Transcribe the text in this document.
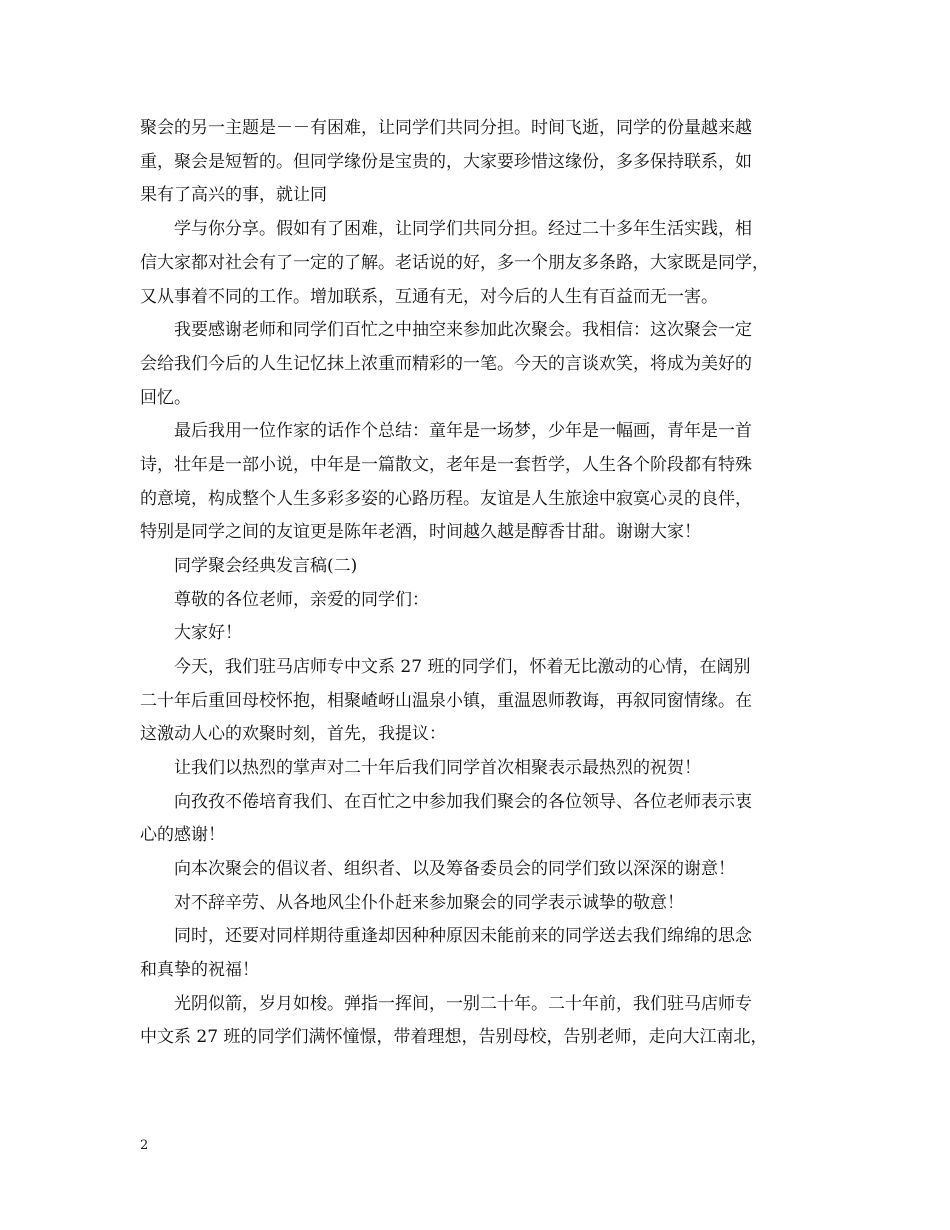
聚会的另一主题是－－有困难，让同学们共同分担。时间飞逝，同学的份量越来越
重，聚会是短暂的。但同学缘份是宝贵的，大家要珍惜这缘份，多多保持联系，如
果有了高兴的事，就让同
学与你分享。假如有了困难，让同学们共同分担。经过二十多年生活实践，相
信大家都对社会有了一定的了解。老话说的好，多一个朋友多条路，大家既是同学，
又从事着不同的工作。增加联系，互通有无，对今后的人生有百益而无一害。
我要感谢老师和同学们百忙之中抽空来参加此次聚会。我相信：这次聚会一定
会给我们今后的人生记忆抹上浓重而精彩的一笔。今天的言谈欢笑，将成为美好的
回忆。
最后我用一位作家的话作个总结：童年是一场梦，少年是一幅画，青年是一首
诗，壮年是一部小说，中年是一篇散文，老年是一套哲学，人生各个阶段都有特殊
的意境，构成整个人生多彩多姿的心路历程。友谊是人生旅途中寂寞心灵的良伴，
特别是同学之间的友谊更是陈年老酒，时间越久越是醇香甘甜。谢谢大家！
同学聚会经典发言稿(二)
尊敬的各位老师，亲爱的同学们：
大家好！
今天，我们驻马店师专中文系 27 班的同学们，怀着无比激动的心情，在阔别
二十年后重回母校怀抱，相聚嵖岈山温泉小镇，重温恩师教诲，再叙同窗情缘。在
这激动人心的欢聚时刻，首先，我提议：
让我们以热烈的掌声对二十年后我们同学首次相聚表示最热烈的祝贺！
向孜孜不倦培育我们、在百忙之中参加我们聚会的各位领导、各位老师表示衷
心的感谢！
向本次聚会的倡议者、组织者、以及筹备委员会的同学们致以深深的谢意！
对不辞辛劳、从各地风尘仆仆赶来参加聚会的同学表示诚挚的敬意！
同时，还要对同样期待重逢却因种种原因未能前来的同学送去我们绵绵的思念
和真挚的祝福！
光阴似箭，岁月如梭。弹指一挥间，一别二十年。二十年前，我们驻马店师专
中文系 27 班的同学们满怀憧憬，带着理想，告别母校，告别老师，走向大江南北，
2
